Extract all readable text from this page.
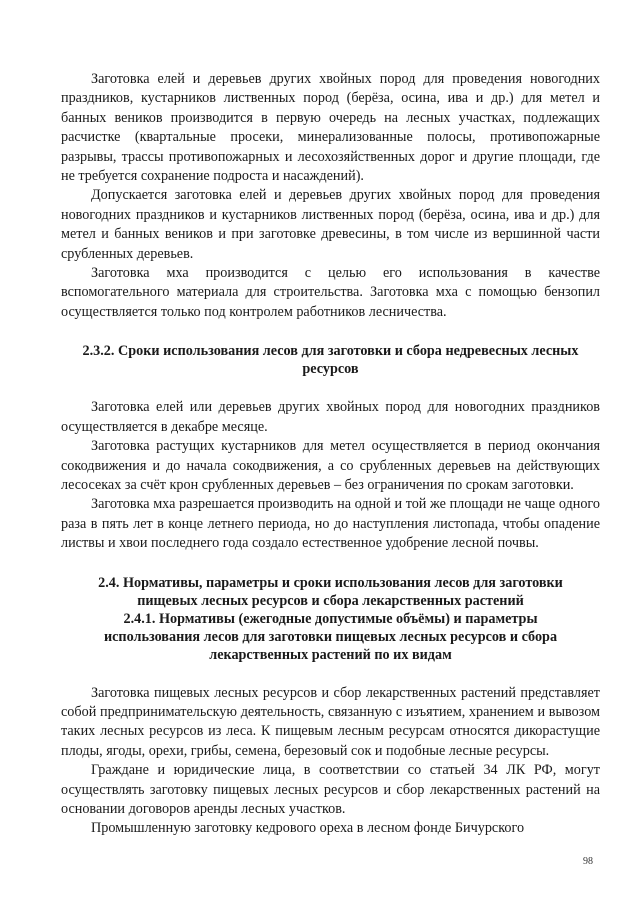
Заготовка елей и деревьев других хвойных пород для проведения новогодних праздников, кустарников лиственных пород (берёза, осина, ива и др.) для метел и банных веников производится в первую очередь на лесных участках, подлежащих расчистке (квартальные просеки, минерализованные полосы, противопожарные разрывы, трассы противопожарных и лесохозяйственных дорог и другие площади, где не требуется сохранение подроста и насаждений).

Допускается заготовка елей и деревьев других хвойных пород для проведения новогодних праздников и кустарников лиственных пород (берёза, осина, ива и др.) для метел и банных веников и при заготовке древесины, в том числе из вершинной части срубленных деревьев.

Заготовка мха производится с целью его использования в качестве вспомогательного материала для строительства. Заготовка мха с помощью бензопил осуществляется только под контролем работников лесничества.

2.3.2. Сроки использования лесов для заготовки и сбора недревесных лесных ресурсов

Заготовка елей или деревьев других хвойных пород для новогодних праздников осуществляется в декабре месяце.

Заготовка растущих кустарников для метел осуществляется в период окончания сокодвижения и до начала сокодвижения, а со срубленных деревьев на действующих лесосеках за счёт крон срубленных деревьев – без ограничения по срокам заготовки.

Заготовка мха разрешается производить на одной и той же площади не чаще одного раза в пять лет в конце летнего периода, но до наступления листопада, чтобы опадение листвы и хвои последнего года создало естественное удобрение лесной почвы.

2.4. Нормативы, параметры и сроки использования лесов для заготовки пищевых лесных ресурсов и сбора лекарственных растений
2.4.1. Нормативы (ежегодные допустимые объёмы) и параметры использования лесов для заготовки пищевых лесных ресурсов и сбора лекарственных растений по их видам

Заготовка пищевых лесных ресурсов и сбор лекарственных растений представляет собой предпринимательскую деятельность, связанную с изъятием, хранением и вывозом таких лесных ресурсов из леса. К пищевым лесным ресурсам относятся дикорастущие плоды, ягоды, орехи, грибы, семена, березовый сок и подобные лесные ресурсы.

Граждане и юридические лица, в соответствии со статьей 34 ЛК РФ, могут осуществлять заготовку пищевых лесных ресурсов и сбор лекарственных растений на основании договоров аренды лесных участков.

Промышленную заготовку кедрового ореха в лесном фонде Бичурского

98
